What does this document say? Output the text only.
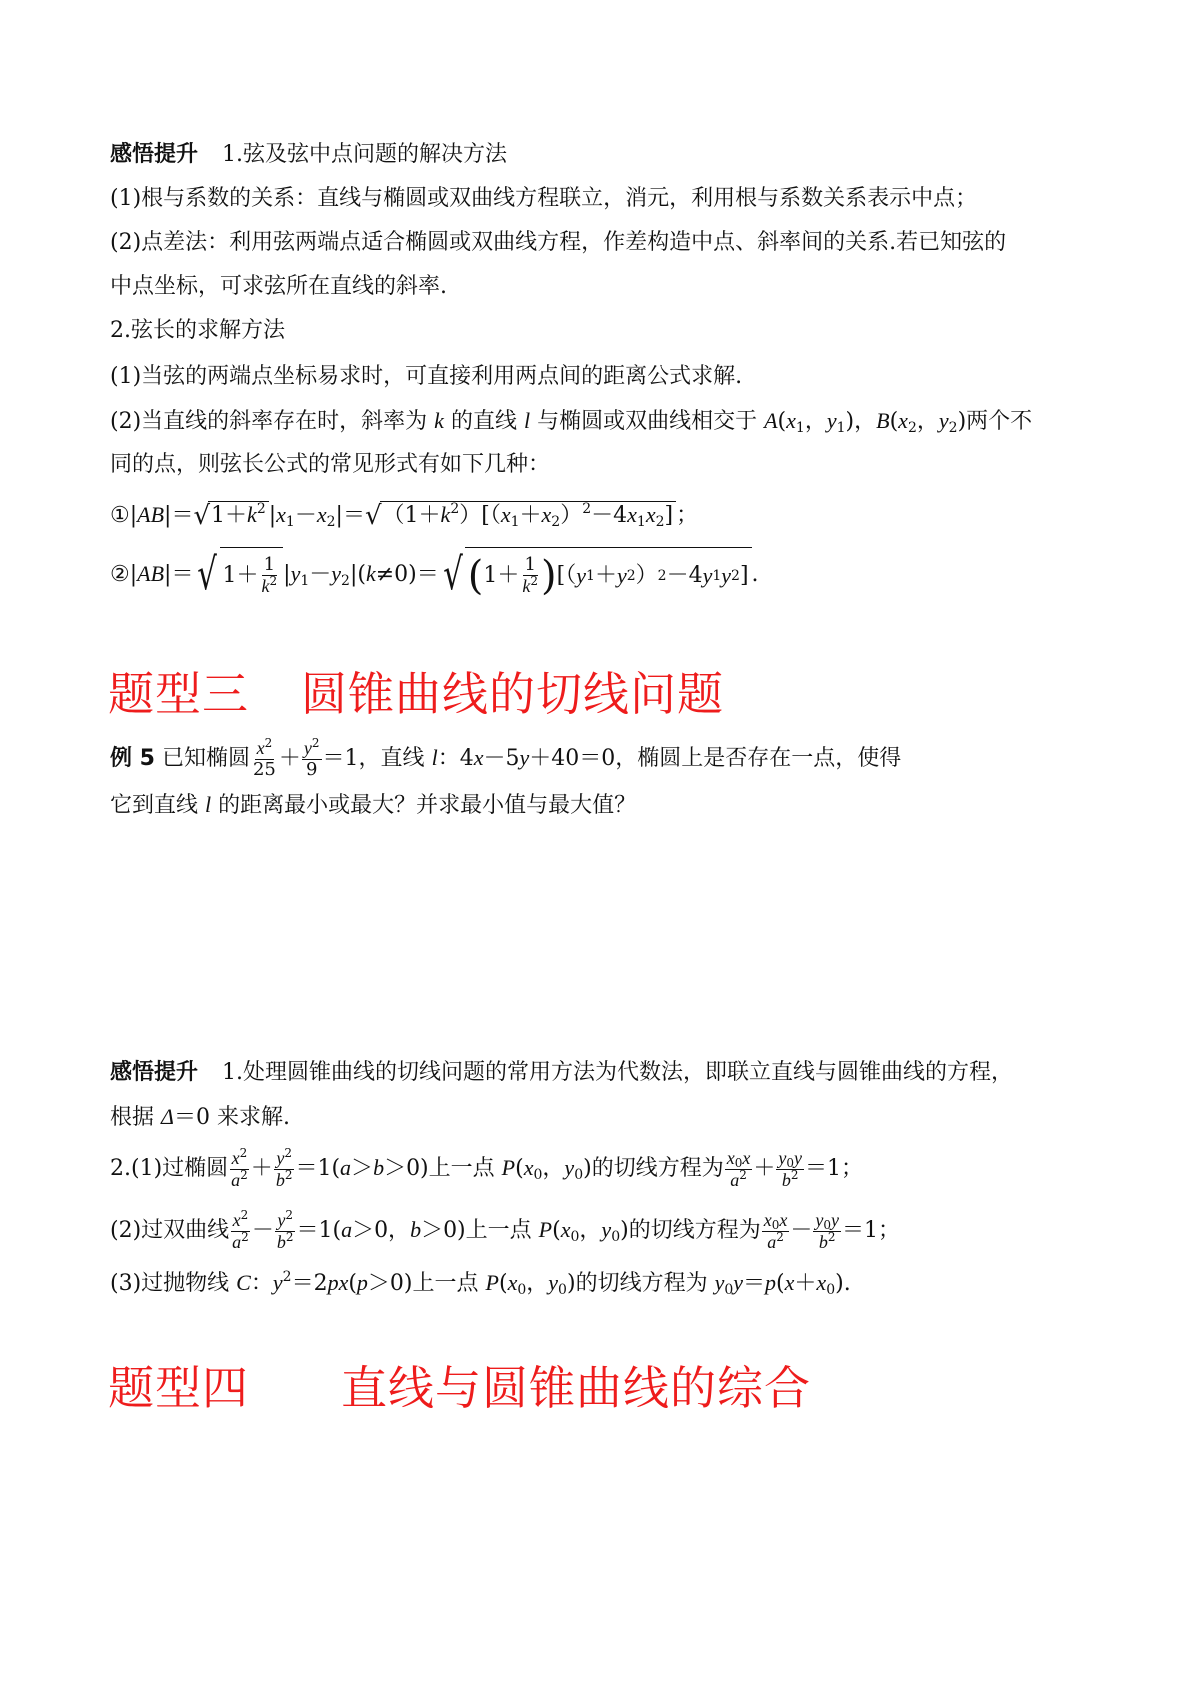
感悟提升 1.弦及弦中点问题的解决方法
(1)根与系数的关系：直线与椭圆或双曲线方程联立，消元，利用根与系数关系表示中点；
(2)点差法：利用弦两端点适合椭圆或双曲线方程，作差构造中点、斜率间的关系.若已知弦的
中点坐标，可求弦所在直线的斜率.
2.弦长的求解方法
(1)当弦的两端点坐标易求时，可直接利用两点间的距离公式求解.
(2)当直线的斜率存在时，斜率为 k 的直线 l 与椭圆或双曲线相交于 $A(x_1$，$y_1$)，$B(x_2$，$y_2$)两个不
同的点，则弦长公式的常见形式有如下几种：
①|AB|＝ √ $1+k^2$ $|x_1-x_2|=$ √ $(1+k^2)[(x_1+x_2)^2-4x_1x_2]$ ；
②|AB|＝ √ $1+ \frac{1}{k^2} |y_1-y_2|(k\ne 0)=$ √ ( $1+ \frac{1}{k^2}$ ) [（ y 1 ＋ y 2 ） 2 －4 y 1 y 2 ] .
题型三 圆锥曲线的切线问题
例 5 已知椭圆 $\frac{x^2}{25} + \frac{y^2}{9} =1$，直线 l：4x－5y＋40＝0，椭圆上是否存在一点，使得
它到直线 l 的距离最小或最大？并求最小值与最大值？
感悟提升 1.处理圆锥曲线的切线问题的常用方法为代数法，即联立直线与圆锥曲线的方程，
根据 Δ＝0 来求解.
2.(1)过椭圆 $\frac{x^2}{a^2} + \frac{y^2}{b^2} =1(a>b>0)$上一点 $P(x_0$，$y_0$)的切线方程为 $\frac{x_0x}{a^2} + \frac{y_0y}{b^2} =1$；
(2)过双曲线 $\frac{x^2}{a^2} - \frac{y^2}{b^2} =1(a>0$，b＞0)上一点 $P(x_0$，$y_0$)的切线方程为 $\frac{x_0x}{a^2} - \frac{y_0y}{b^2} =1$；
(3)过抛物线 C：$y^2=2px(p>0)$上一点 $P(x_0$，$y_0$)的切线方程为 $y_0y=p(x+x_0)$.
题型四 直线与圆锥曲线的综合
